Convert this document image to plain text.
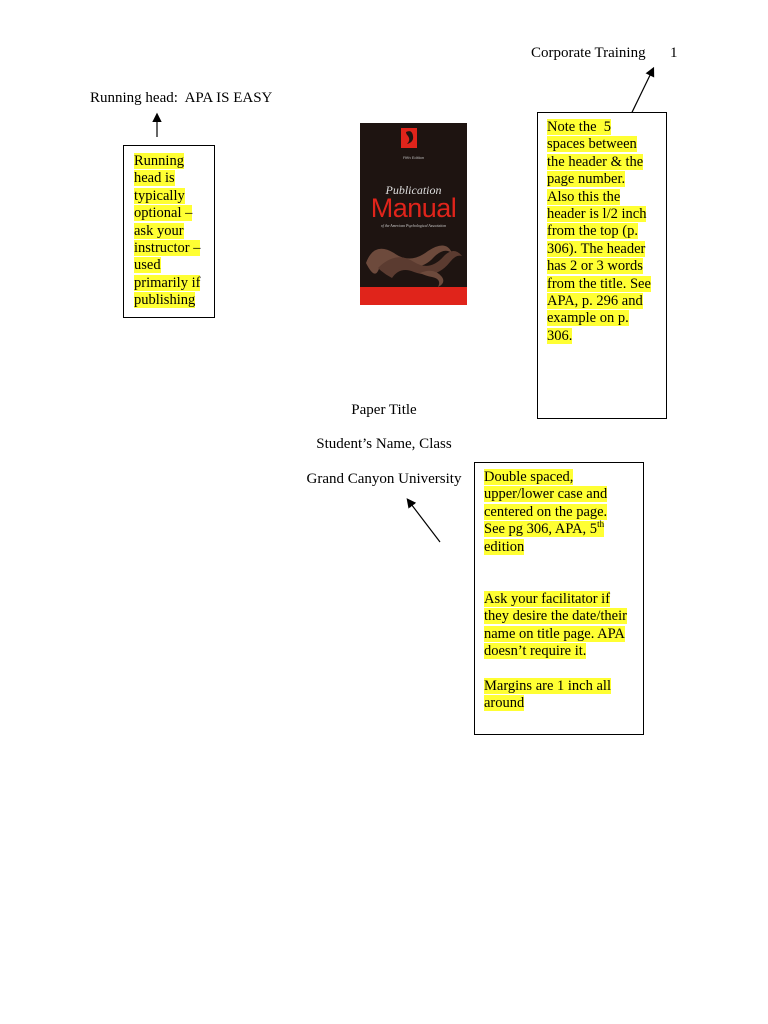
Corporate Training 1
Running head:  APA IS EASY
Running
head is
typically
optional –
ask your
instructor –
used
primarily if
publishing
Fifth Edition
Publication
Manual
of the American Psychological Association
Note the  5
spaces between
the header & the
page number.
Also this the
header is l/2 inch
from the top (p.
306). The header
has 2 or 3 words
from the title. See
APA, p. 296 and
example on p.
306.
Paper Title
Student’s Name, Class
Grand Canyon University	Double spaced,
upper/lower case and
centered on the page.
See pg 306, APA, 5th
edition

Ask your facilitator if
they desire the date/their
name on title page. APA
doesn’t require it.

Margins are 1 inch all
around
